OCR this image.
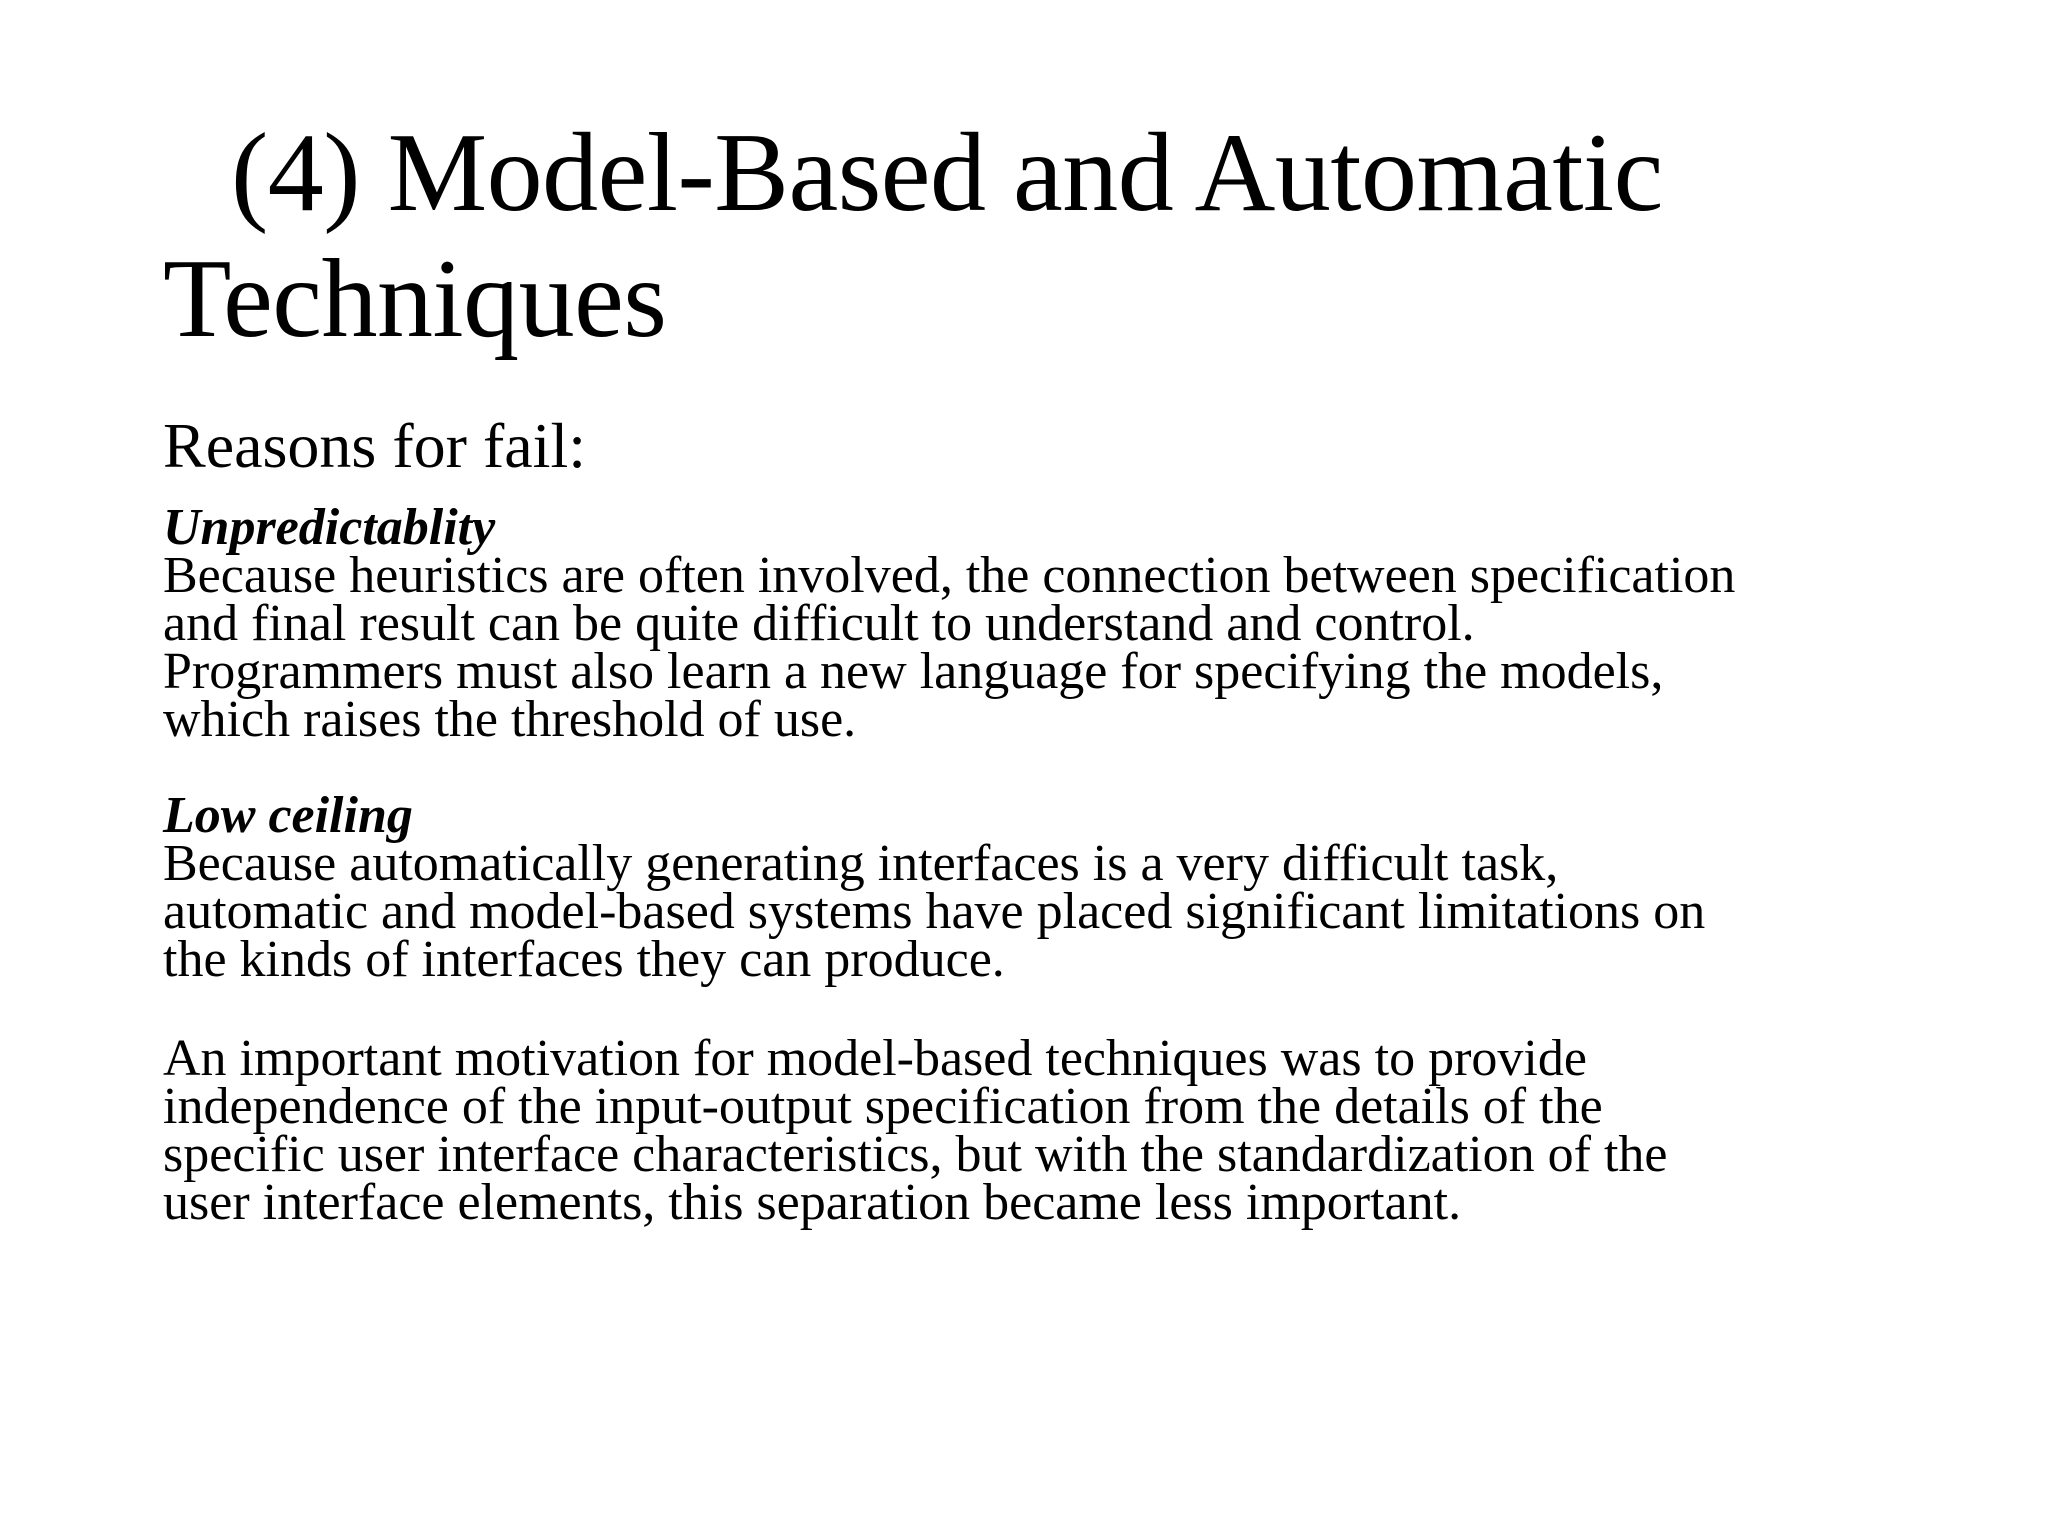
(4) Model-Based and Automatic
Techniques
Reasons for fail:
Unpredictablity
Because heuristics are often involved, the connection between specification
and final result can be quite difficult to understand and control.
Programmers must also learn a new language for specifying the models,
which raises the threshold of use.
Low ceiling
Because automatically generating interfaces is a very difficult task,
automatic and model-based systems have placed significant limitations on
the kinds of interfaces they can produce.
An important motivation for model-based techniques was to provide
independence of the input-output specification from the details of the
specific user interface characteristics, but with the standardization of the
user interface elements, this separation became less important.
